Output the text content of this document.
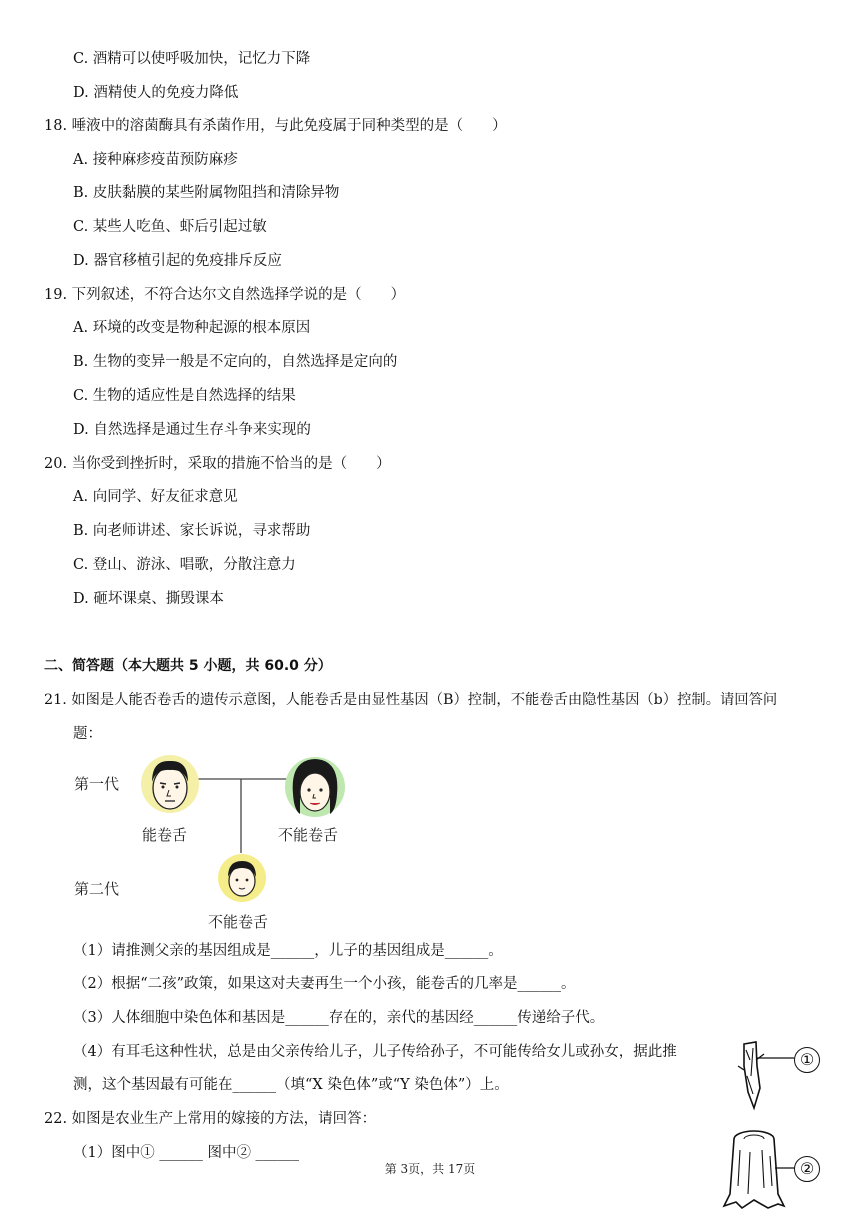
C. 酒精可以使呼吸加快，记忆力下降
D. 酒精使人的免疫力降低
18. 唾液中的溶菌酶具有杀菌作用，与此免疫属于同种类型的是（　　）
A. 接种麻疹疫苗预防麻疹
B. 皮肤黏膜的某些附属物阻挡和清除异物
C. 某些人吃鱼、虾后引起过敏
D. 器官移植引起的免疫排斥反应
19. 下列叙述，不符合达尔文自然选择学说的是（　　）
A. 环境的改变是物种起源的根本原因
B. 生物的变异一般是不定向的，自然选择是定向的
C. 生物的适应性是自然选择的结果
D. 自然选择是通过生存斗争来实现的
20. 当你受到挫折时，采取的措施不恰当的是（　　）
A. 向同学、好友征求意见
B. 向老师讲述、家长诉说，寻求帮助
C. 登山、游泳、唱歌，分散注意力
D. 砸坏课桌、撕毁课本
二、简答题（本大题共 5 小题，共 60.0 分）
21. 如图是人能否卷舌的遗传示意图，人能卷舌是由显性基因（B）控制，不能卷舌由隐性基因（b）控制。请回答问
题：
第一代
第二代
能卷舌	不能卷舌
不能卷舌
（1）请推测父亲的基因组成是______，儿子的基因组成是______。
（2）根据“二孩”政策，如果这对夫妻再生一个小孩，能卷舌的几率是______。
（3）人体细胞中染色体和基因是______存在的，亲代的基因经______传递给子代。
（4）有耳毛这种性状，总是由父亲传给儿子，儿子传给孙子，不可能传给女儿或孙女，据此推
测，这个基因最有可能在______（填“X 染色体”或“Y 染色体”）上。
22. 如图是农业生产上常用的嫁接的方法，请回答：
（1）图中① ______ 图中② ______
①
②
第 3页，共 17页
